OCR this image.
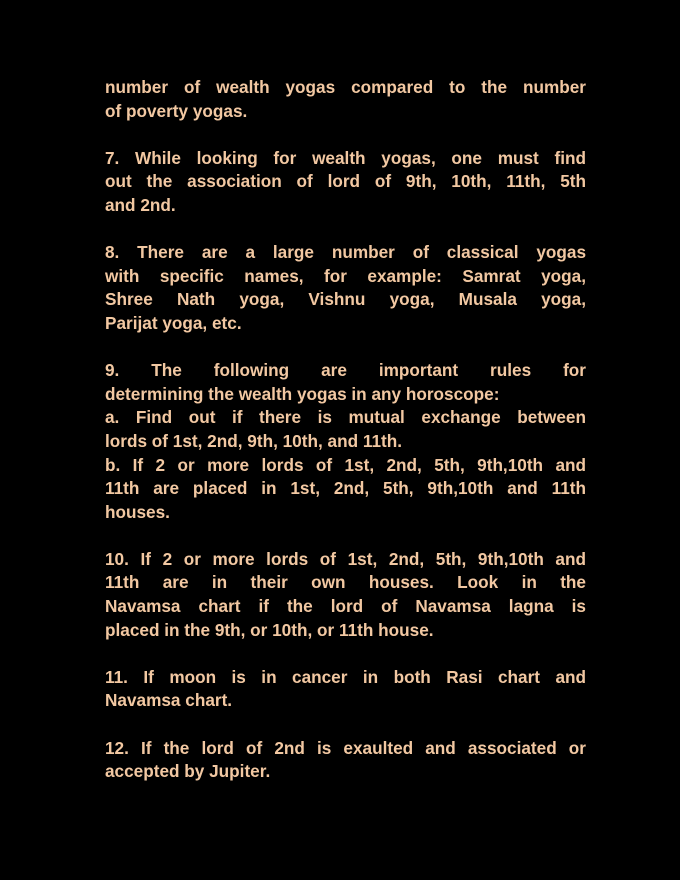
number of wealth yogas compared to the number
of poverty yogas.
7. While looking for wealth yogas, one must find
out the association of lord of 9th, 10th, 11th, 5th
and 2nd.
8. There are a large number of classical yogas
with specific names, for example: Samrat yoga,
Shree Nath yoga, Vishnu yoga, Musala yoga,
Parijat yoga, etc.
9. The following are important rules for
determining the wealth yogas in any horoscope:
a. Find out if there is mutual exchange between
lords of 1st, 2nd, 9th, 10th, and 11th.
b. If 2 or more lords of 1st, 2nd, 5th, 9th,10th and
11th are placed in 1st, 2nd, 5th, 9th,10th and 11th
houses.
10. If 2 or more lords of 1st, 2nd, 5th, 9th,10th and
11th are in their own houses. Look in the
Navamsa chart if the lord of Navamsa lagna is
placed in the 9th, or 10th, or 11th house.
11. If moon is in cancer in both Rasi chart and
Navamsa chart.
12. If the lord of 2nd is exaulted and associated or
accepted by Jupiter.
